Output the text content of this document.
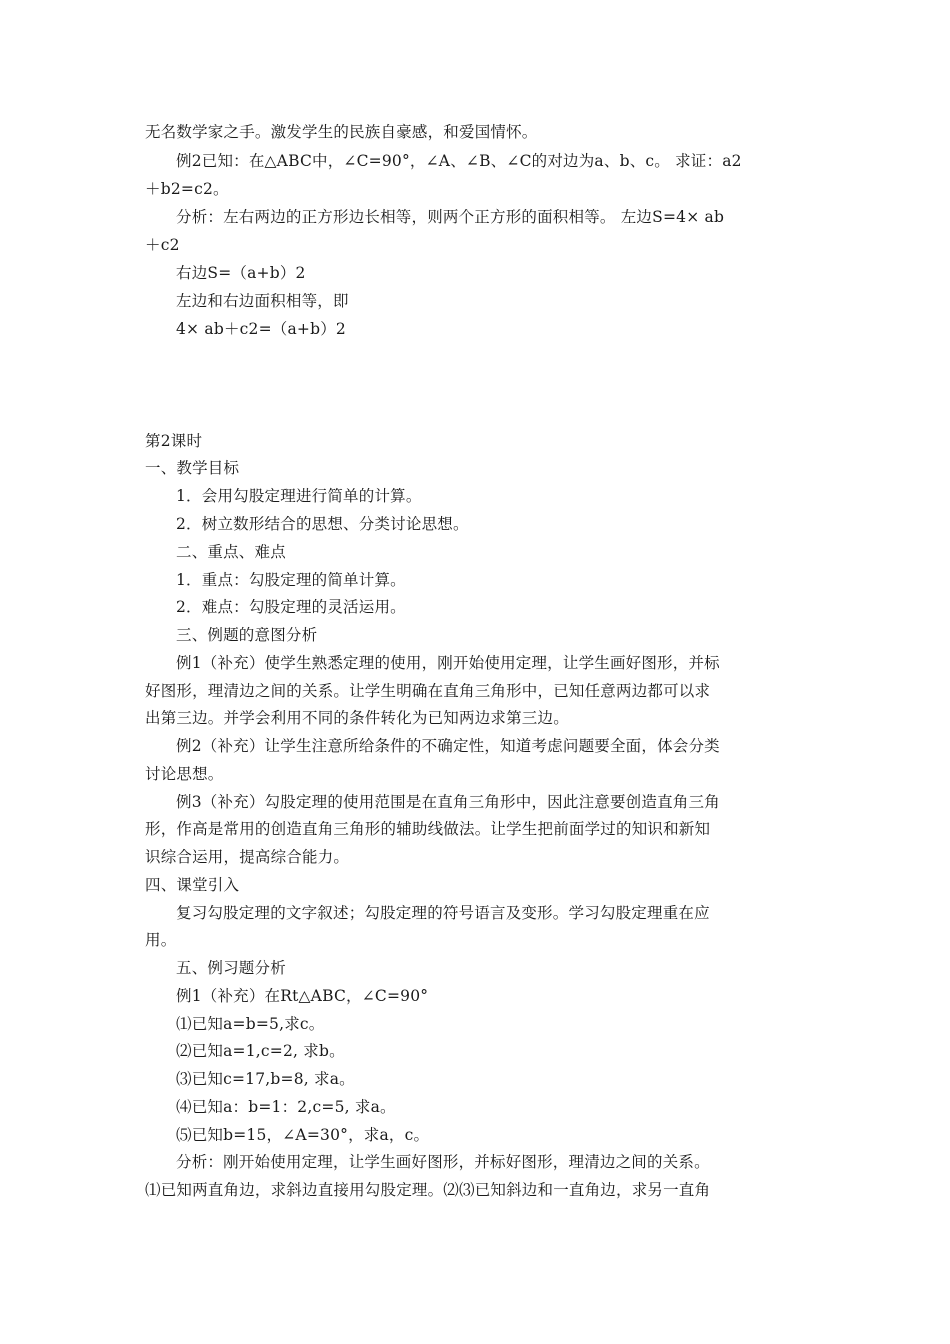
无名数学家之手。激发学生的民族自豪感，和爱国情怀。
例2已知：在△ABC中，∠C=90°，∠A、∠B、∠C的对边为a、b、c。 求证：a2
＋b2=c2。
分析：左右两边的正方形边长相等，则两个正方形的面积相等。 左边S=4× ab
＋c2
右边S=（a+b）2
左边和右边面积相等，即
4× ab＋c2=（a+b）2
第2课时
一、教学目标
1．会用勾股定理进行简单的计算。
2．树立数形结合的思想、分类讨论思想。
二、重点、难点
1．重点：勾股定理的简单计算。
2．难点：勾股定理的灵活运用。
三、例题的意图分析
例1（补充）使学生熟悉定理的使用，刚开始使用定理，让学生画好图形，并标
好图形，理清边之间的关系。让学生明确在直角三角形中，已知任意两边都可以求
出第三边。并学会利用不同的条件转化为已知两边求第三边。
例2（补充）让学生注意所给条件的不确定性，知道考虑问题要全面，体会分类
讨论思想。
例3（补充）勾股定理的使用范围是在直角三角形中，因此注意要创造直角三角
形，作高是常用的创造直角三角形的辅助线做法。让学生把前面学过的知识和新知
识综合运用，提高综合能力。
四、课堂引入
复习勾股定理的文字叙述；勾股定理的符号语言及变形。学习勾股定理重在应
用。
五、例习题分析
例1（补充）在Rt△ABC，∠C=90°
⑴已知a=b=5,求c。
⑵已知a=1,c=2, 求b。
⑶已知c=17,b=8, 求a。
⑷已知a：b=1：2,c=5, 求a。
⑸已知b=15，∠A=30°，求a，c。
分析：刚开始使用定理，让学生画好图形，并标好图形，理清边之间的关系。
⑴已知两直角边，求斜边直接用勾股定理。⑵⑶已知斜边和一直角边，求另一直角
